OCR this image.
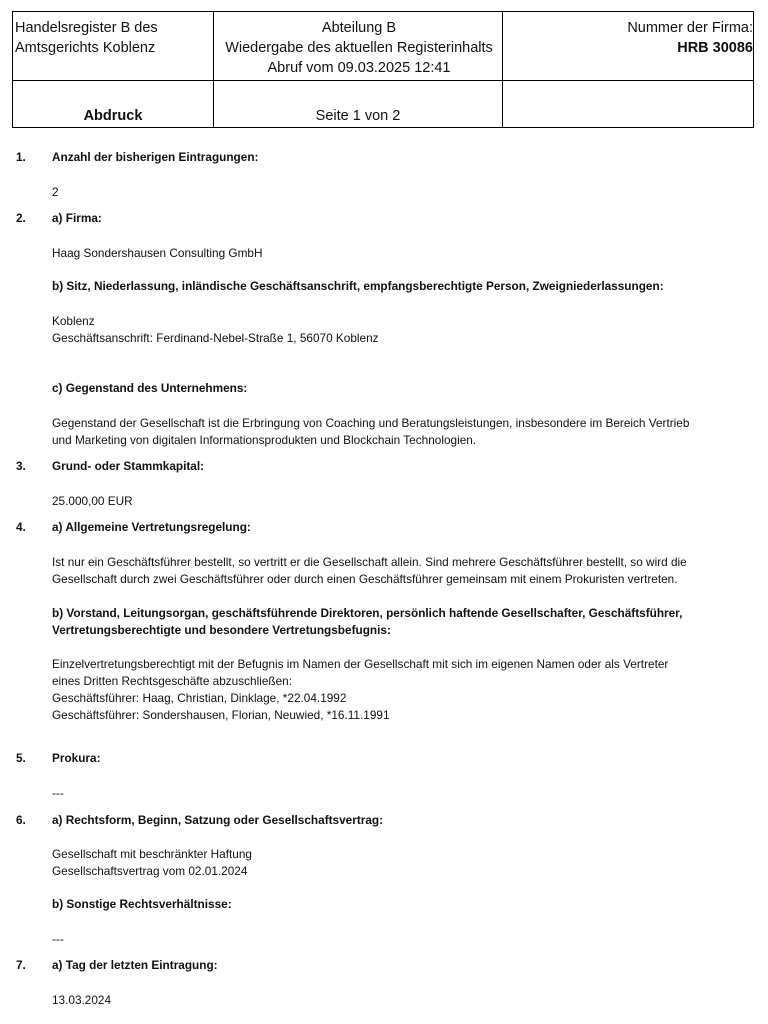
Handelsregister B des
Amtsgerichts Koblenz
Abteilung B
Wiedergabe des aktuellen Registerinhalts
Abruf vom 09.03.2025 12:41
Nummer der Firma:
HRB 30086
Abdruck	Seite 1 von 2
1. Anzahl der bisherigen Eintragungen:
2
2. a) Firma:
Haag Sondershausen Consulting GmbH
b) Sitz, Niederlassung, inländische Geschäftsanschrift, empfangsberechtigte Person, Zweigniederlassungen:
Koblenz
Geschäftsanschrift: Ferdinand-Nebel-Straße 1, 56070 Koblenz
c) Gegenstand des Unternehmens:
Gegenstand der Gesellschaft ist die Erbringung von Coaching und Beratungsleistungen, insbesondere im Bereich Vertrieb
und Marketing von digitalen Informationsprodukten und Blockchain Technologien.
3. Grund- oder Stammkapital:
25.000,00 EUR
4. a) Allgemeine Vertretungsregelung:
Ist nur ein Geschäftsführer bestellt, so vertritt er die Gesellschaft allein. Sind mehrere Geschäftsführer bestellt, so wird die
Gesellschaft durch zwei Geschäftsführer oder durch einen Geschäftsführer gemeinsam mit einem Prokuristen vertreten.
b) Vorstand, Leitungsorgan, geschäftsführende Direktoren, persönlich haftende Gesellschafter, Geschäftsführer,
Vertretungsberechtigte und besondere Vertretungsbefugnis:
Einzelvertretungsberechtigt mit der Befugnis im Namen der Gesellschaft mit sich im eigenen Namen oder als Vertreter
eines Dritten Rechtsgeschäfte abzuschließen:
Geschäftsführer: Haag, Christian, Dinklage, *22.04.1992
Geschäftsführer: Sondershausen, Florian, Neuwied, *16.11.1991
5. Prokura:
---
6. a) Rechtsform, Beginn, Satzung oder Gesellschaftsvertrag:
Gesellschaft mit beschränkter Haftung
Gesellschaftsvertrag vom 02.01.2024
b) Sonstige Rechtsverhältnisse:
---
7. a) Tag der letzten Eintragung:
13.03.2024
